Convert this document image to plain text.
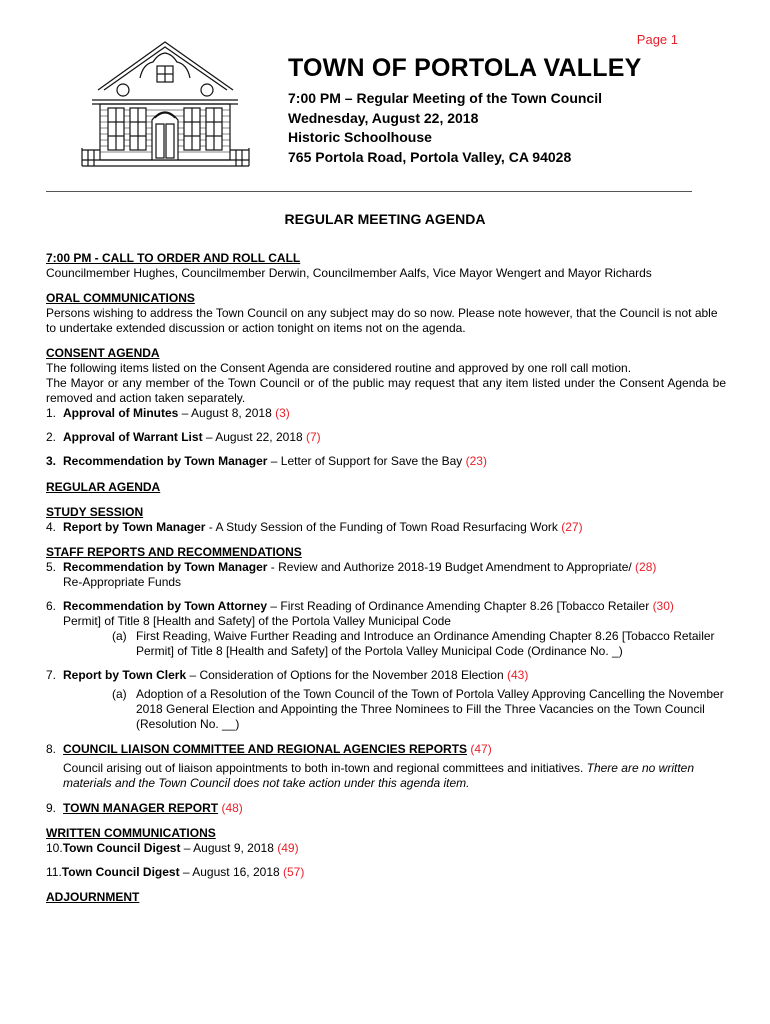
Page 1
TOWN OF PORTOLA VALLEY
7:00 PM – Regular Meeting of the Town Council
Wednesday, August 22, 2018
Historic Schoolhouse
765 Portola Road, Portola Valley, CA 94028
REGULAR MEETING AGENDA
7:00 PM - CALL TO ORDER AND ROLL CALL

Councilmember Hughes, Councilmember Derwin, Councilmember Aalfs, Vice Mayor Wengert and Mayor Richards

ORAL COMMUNICATIONS

Persons wishing to address the Town Council on any subject may do so now. Please note however, that the Council is not able to undertake extended discussion or action tonight on items not on the agenda.

CONSENT AGENDA

The following items listed on the Consent Agenda are considered routine and approved by one roll call motion.

The Mayor or any member of the Town Council or of the public may request that any item listed under the Consent Agenda be removed and action taken separately.

1. Approval of Minutes – August 8, 2018 (3)
2. Approval of Warrant List – August 22, 2018 (7)
3. Recommendation by Town Manager – Letter of Support for Save the Bay (23)
REGULAR AGENDA
STUDY SESSION
4. Report by Town Manager - A Study Session of the Funding of Town Road Resurfacing Work (27)
STAFF REPORTS AND RECOMMENDATIONS
5. Recommendation by Town Manager - Review and Authorize 2018-19 Budget Amendment to Appropriate/ (28)
Re-Appropriate Funds
6. Recommendation by Town Attorney – First Reading of Ordinance Amending Chapter 8.26 [Tobacco Retailer (30)
Permit] of Title 8 [Health and Safety] of the Portola Valley Municipal Code
(a) First Reading, Waive Further Reading and Introduce an Ordinance Amending Chapter 8.26 [Tobacco Retailer Permit] of Title 8 [Health and Safety] of the Portola Valley Municipal Code (Ordinance No. _)
7. Report by Town Clerk – Consideration of Options for the November 2018 Election (43)
(a) Adoption of a Resolution of the Town Council of the Town of Portola Valley Approving Cancelling the November 2018 General Election and Appointing the Three Nominees to Fill the Three Vacancies on the Town Council (Resolution No. __)
8. COUNCIL LIAISON COMMITTEE AND REGIONAL AGENCIES REPORTS (47)

Council arising out of liaison appointments to both in-town and regional committees and initiatives. There are no written materials and the Town Council does not take action under this agenda item.

9. TOWN MANAGER REPORT (48)
WRITTEN COMMUNICATIONS
10. Town Council Digest – August 9, 2018 (49)
11. Town Council Digest – August 16, 2018 (57)
ADJOURNMENT
